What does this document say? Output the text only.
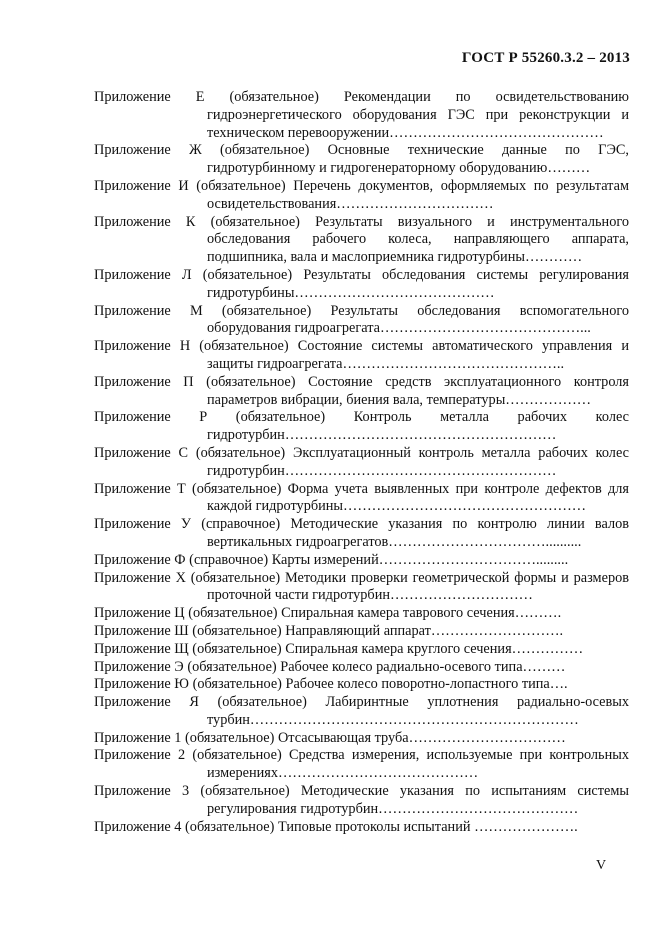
ГОСТ Р 55260.3.2 – 2013
Приложение Е (обязательное) Рекомендации по освидетельствованию гидроэнергетического оборудования ГЭС при реконструкции и техническом перевооружении………………………………………
Приложение Ж (обязательное) Основные технические данные по ГЭС, гидротурбинному и гидрогенераторному оборудованию………
Приложение И (обязательное) Перечень документов, оформляемых по результатам освидетельствования……………………………
Приложение К (обязательное) Результаты визуального и инструментального обследования рабочего колеса, направляющего аппарата, подшипника, вала и маслоприемника гидротурбины…………
Приложение Л (обязательное) Результаты обследования системы регулирования гидротурбины……………………………………
Приложение М (обязательное) Результаты обследования вспомогательного оборудования гидроагрегата……………………………………...
Приложение Н (обязательное) Состояние системы автоматического управления и защиты гидроагрегата………………………………………..
Приложение П (обязательное) Состояние средств эксплуатационного контроля параметров вибрации, биения вала, температуры………………
Приложение Р (обязательное) Контроль металла рабочих колес гидротурбин…………………………………………………
Приложение С (обязательное) Эксплуатационный контроль металла рабочих колес гидротурбин…………………………………………………
Приложение Т (обязательное) Форма учета выявленных при контроле дефектов для каждой гидротурбины……………………………………………
Приложение У (справочное) Методические указания по контролю линии валов вертикальных гидроагрегатов……………………………..........
Приложение Ф (справочное) Карты измерений…………………………….........
Приложение Х (обязательное) Методики проверки геометрической формы и размеров проточной части гидротурбин…………………………
Приложение Ц (обязательное) Спиральная камера таврового сечения……….
Приложение Ш (обязательное) Направляющий аппарат……………………….
Приложение Щ (обязательное) Спиральная камера круглого сечения……………
Приложение Э (обязательное) Рабочее колесо радиально-осевого типа………
Приложение Ю (обязательное) Рабочее колесо поворотно-лопастного типа….
Приложение Я (обязательное) Лабиринтные уплотнения радиально-осевых турбин……………………………………………………………
Приложение 1 (обязательное) Отсасывающая труба……………………………
Приложение 2 (обязательное) Средства измерения, используемые при контрольных измерениях……………………………………
Приложение 3 (обязательное) Методические указания по испытаниям системы регулирования гидротурбин……………………………………
Приложение 4 (обязательное) Типовые протоколы испытаний ………………….
V
